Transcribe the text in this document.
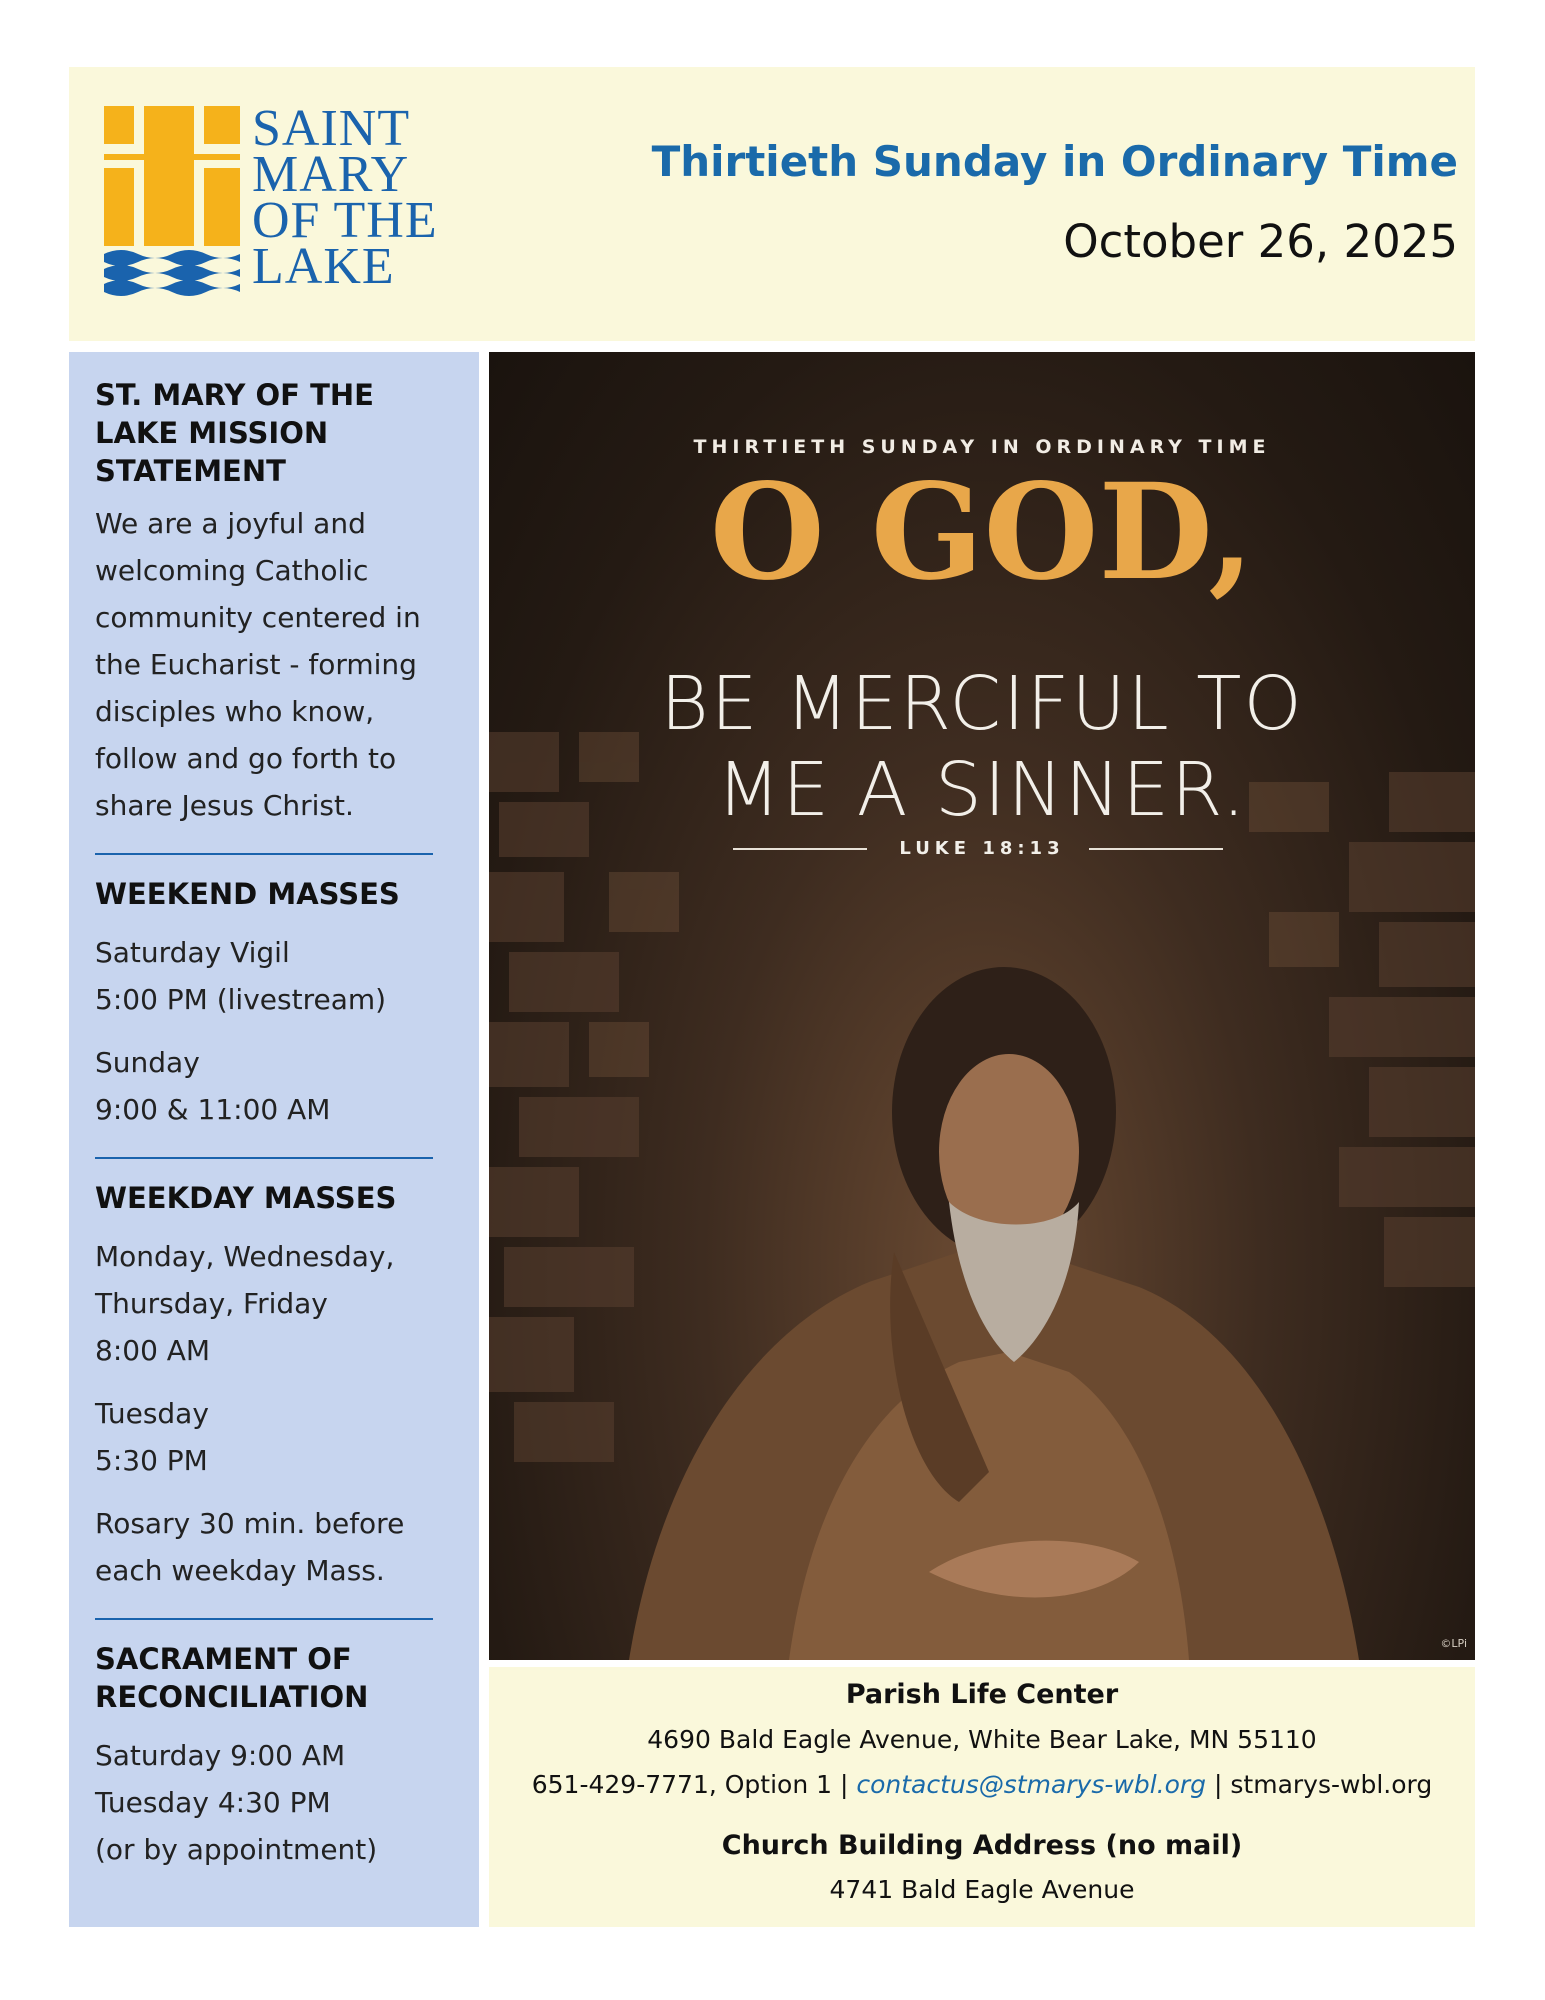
SAINT
MARY
OF THE
LAKE
Thirtieth Sunday in Ordinary Time
October 26, 2025

ST. MARY OF THE LAKE MISSION STATEMENT

We are a joyful and welcoming Catholic community centered in the Eucharist - forming disciples who know, follow and go forth to share Jesus Christ.

WEEKEND MASSES

Saturday Vigil

5:00 PM (livestream)

Sunday

9:00 & 11:00 AM

WEEKDAY MASSES

Monday, Wednesday, Thursday, Friday

8:00 AM

Tuesday

5:30 PM

Rosary 30 min. before each weekday Mass.

SACRAMENT OF RECONCILIATION

Saturday 9:00 AM

Tuesday 4:30 PM

(or by appointment)

THIRTIETH SUNDAY IN ORDINARY TIME
O GOD,
BE MERCIFUL TO
ME A SINNER.
LUKE 18:13
©LPi
Parish Life Center
4690 Bald Eagle Avenue, White Bear Lake, MN 55110
651-429-7771, Option 1 | contactus@stmarys-wbl.org | stmarys-wbl.org
Church Building Address (no mail)
4741 Bald Eagle Avenue
